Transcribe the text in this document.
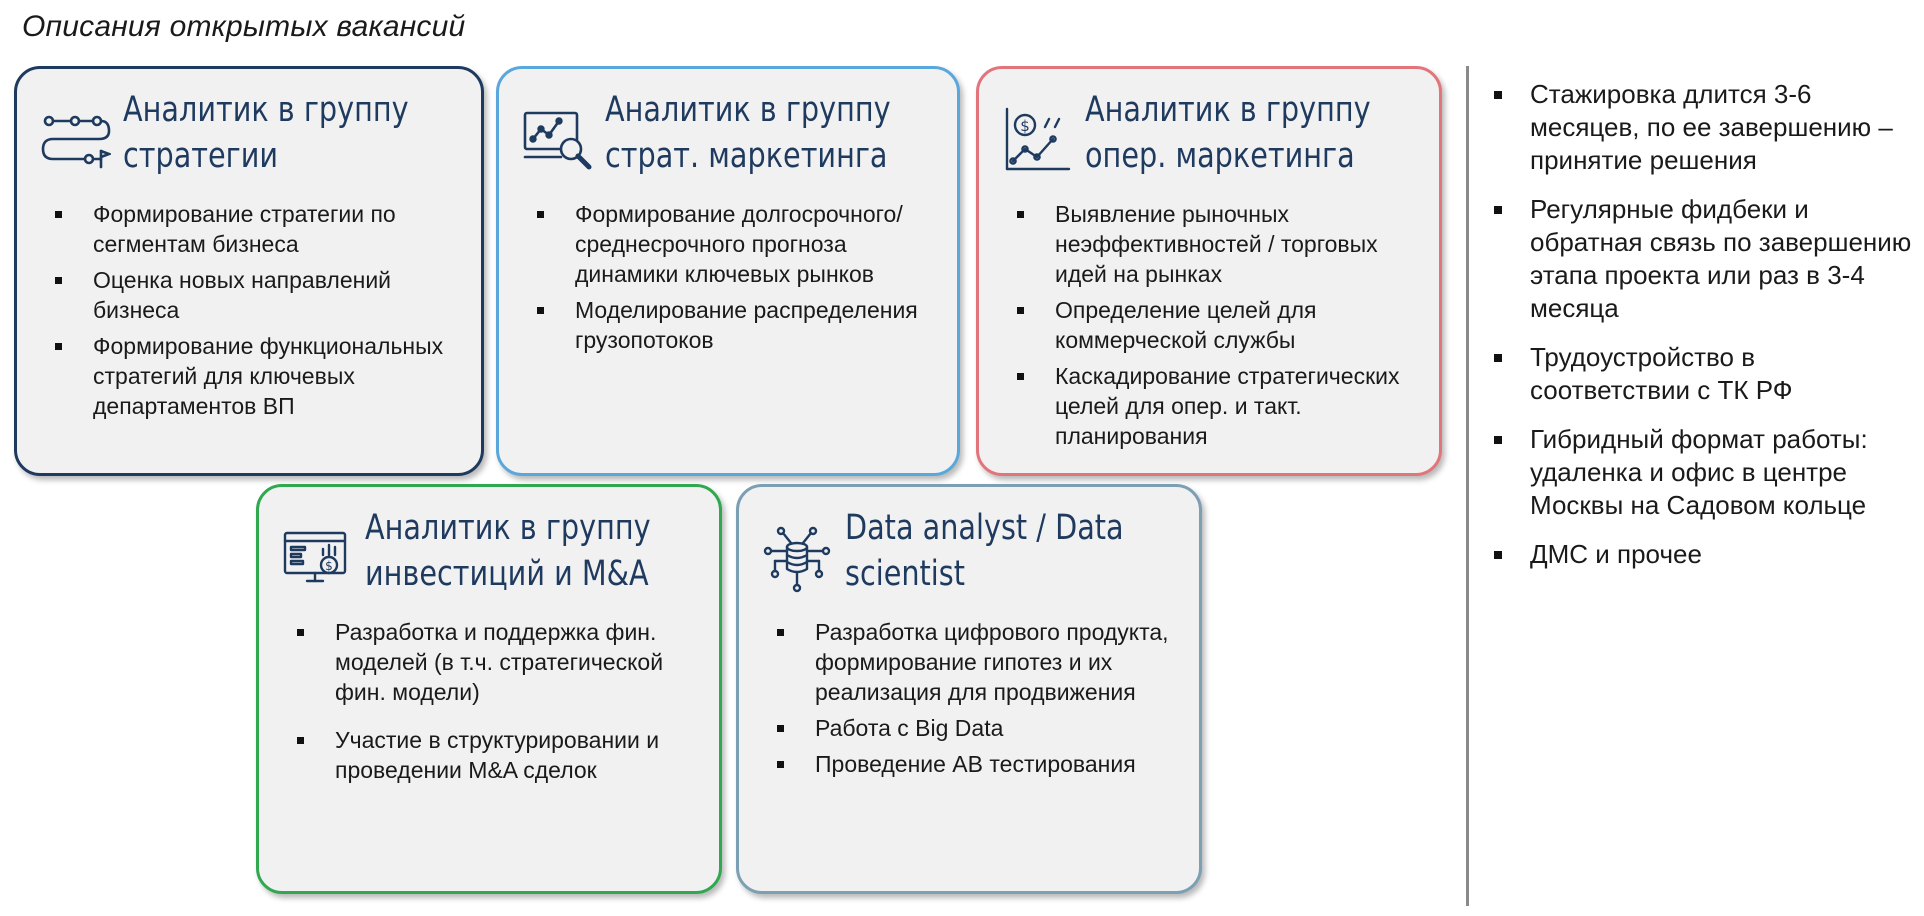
Описания открытых вакансий
Аналитик в группу
стратегии
Формирование стратегии по сегментам бизнеса
Оценка новых направлений бизнеса
Формирование функциональных стратегий для ключевых департаментов ВП
Аналитик в группу
страт. маркетинга
Формирование долгосрочного/ среднесрочного прогноза динамики ключевых рынков
Моделирование распределения грузопотоков
$ Аналитик в группу
опер. маркетинга
Выявление рыночных неэффективностей / торговых идей на рынках
Определение целей для коммерческой службы
Каскадирование стратегических целей для опер. и такт. планирования
$
Аналитик в группу
инвестиций и M&A
Разработка и поддержка фин. моделей (в т.ч. стратегической фин. модели)
Участие в структурировании и проведении M&A сделок
Data analyst / Data
scientist
Разработка цифрового продукта, формирование гипотез и их реализация для продвижения
Работа с Big Data
Проведение AB тестирования
Стажировка длится 3-6 месяцев, по ее завершению – принятие решения
Регулярные фидбеки и обратная связь по завершению этапа проекта или раз в 3-4 месяца
Трудоустройство в соответствии с ТК РФ
Гибридный формат работы: удаленка и офис в центре Москвы на Садовом кольце
ДМС и прочее
